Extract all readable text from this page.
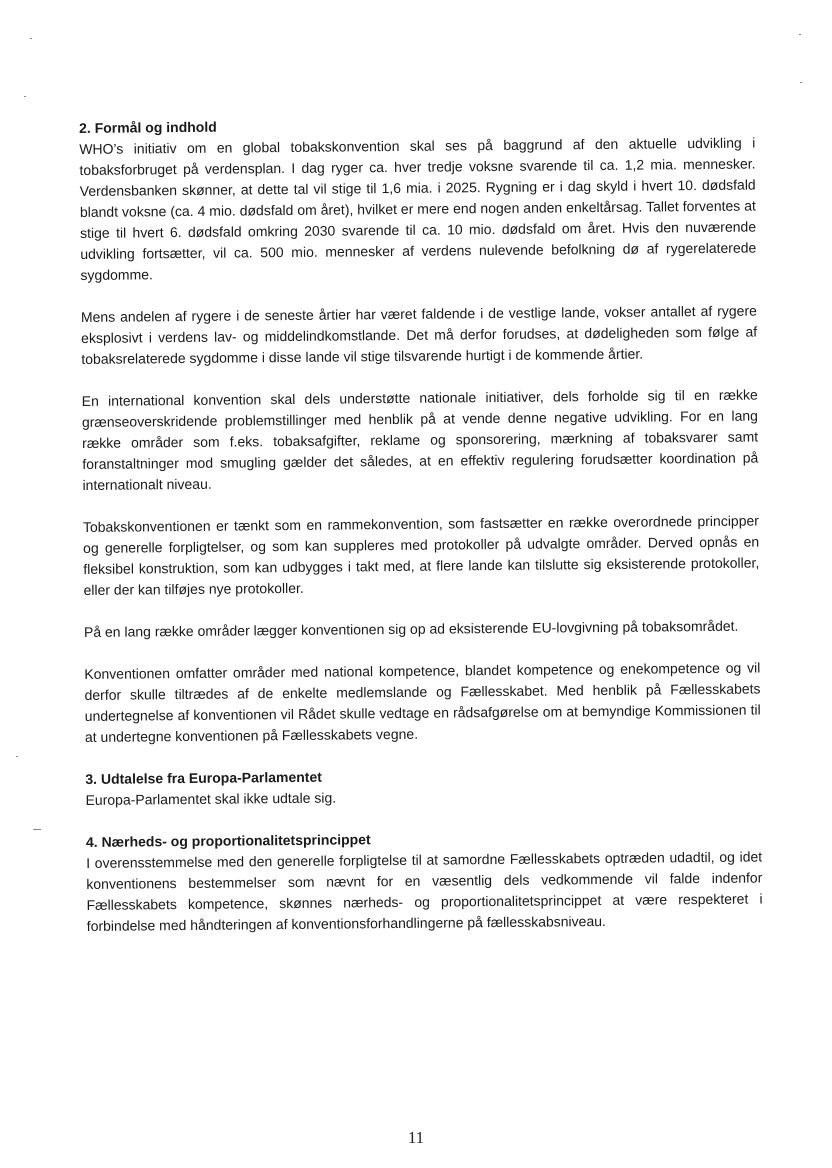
2. Formål og indhold

WHO’s initiativ om en global tobakskonvention skal ses på baggrund af den aktuelle udvikling i tobaksforbruget på verdensplan. I dag ryger ca. hver tredje voksne svarende til ca. 1,2 mia. mennesker. Verdensbanken skønner, at dette tal vil stige til 1,6 mia. i 2025. Rygning er i dag skyld i hvert 10. dødsfald blandt voksne (ca. 4 mio. dødsfald om året), hvilket er mere end nogen anden enkeltårsag. Tallet forventes at stige til hvert 6. dødsfald omkring 2030 svarende til ca. 10 mio. dødsfald om året. Hvis den nuværende udvikling fortsætter, vil ca. 500 mio. mennesker af verdens nulevende befolkning dø af rygerelaterede sygdomme.

Mens andelen af rygere i de seneste årtier har været faldende i de vestlige lande, vokser antallet af rygere eksplosivt i verdens lav- og middelindkomstlande. Det må derfor forudses, at dødeligheden som følge af tobaksrelaterede sygdomme i disse lande vil stige tilsvarende hurtigt i de kommende årtier.

En international konvention skal dels understøtte nationale initiativer, dels forholde sig til en række grænseoverskridende problemstillinger med henblik på at vende denne negative udvikling. For en lang række områder som f.eks. tobaksafgifter, reklame og sponsorering, mærkning af tobaksvarer samt foranstaltninger mod smugling gælder det således, at en effektiv regulering forudsætter koordination på internationalt niveau.

Tobakskonventionen er tænkt som en rammekonvention, som fastsætter en række overordnede principper og generelle forpligtelser, og som kan suppleres med protokoller på udvalgte områder. Derved opnås en fleksibel konstruktion, som kan udbygges i takt med, at flere lande kan tilslutte sig eksisterende protokoller, eller der kan tilføjes nye protokoller.

På en lang række områder lægger konventionen sig op ad eksisterende EU-lovgivning på tobaksområdet.

Konventionen omfatter områder med national kompetence, blandet kompetence og enekompetence og vil derfor skulle tiltrædes af de enkelte medlemslande og Fællesskabet. Med henblik på Fællesskabets undertegnelse af konventionen vil Rådet skulle vedtage en rådsafgørelse om at bemyndige Kommissionen til at undertegne konventionen på Fællesskabets vegne.

3. Udtalelse fra Europa-Parlamentet

Europa-Parlamentet skal ikke udtale sig.

4. Nærheds- og proportionalitetsprincippet

I overensstemmelse med den generelle forpligtelse til at samordne Fællesskabets optræden udadtil, og idet konventionens bestemmelser som nævnt for en væsentlig dels vedkommende vil falde indenfor Fællesskabets kompetence, skønnes nærheds- og proportionalitetsprincippet at være respekteret i forbindelse med håndteringen af konventionsforhandlingerne på fællesskabsniveau.

11
